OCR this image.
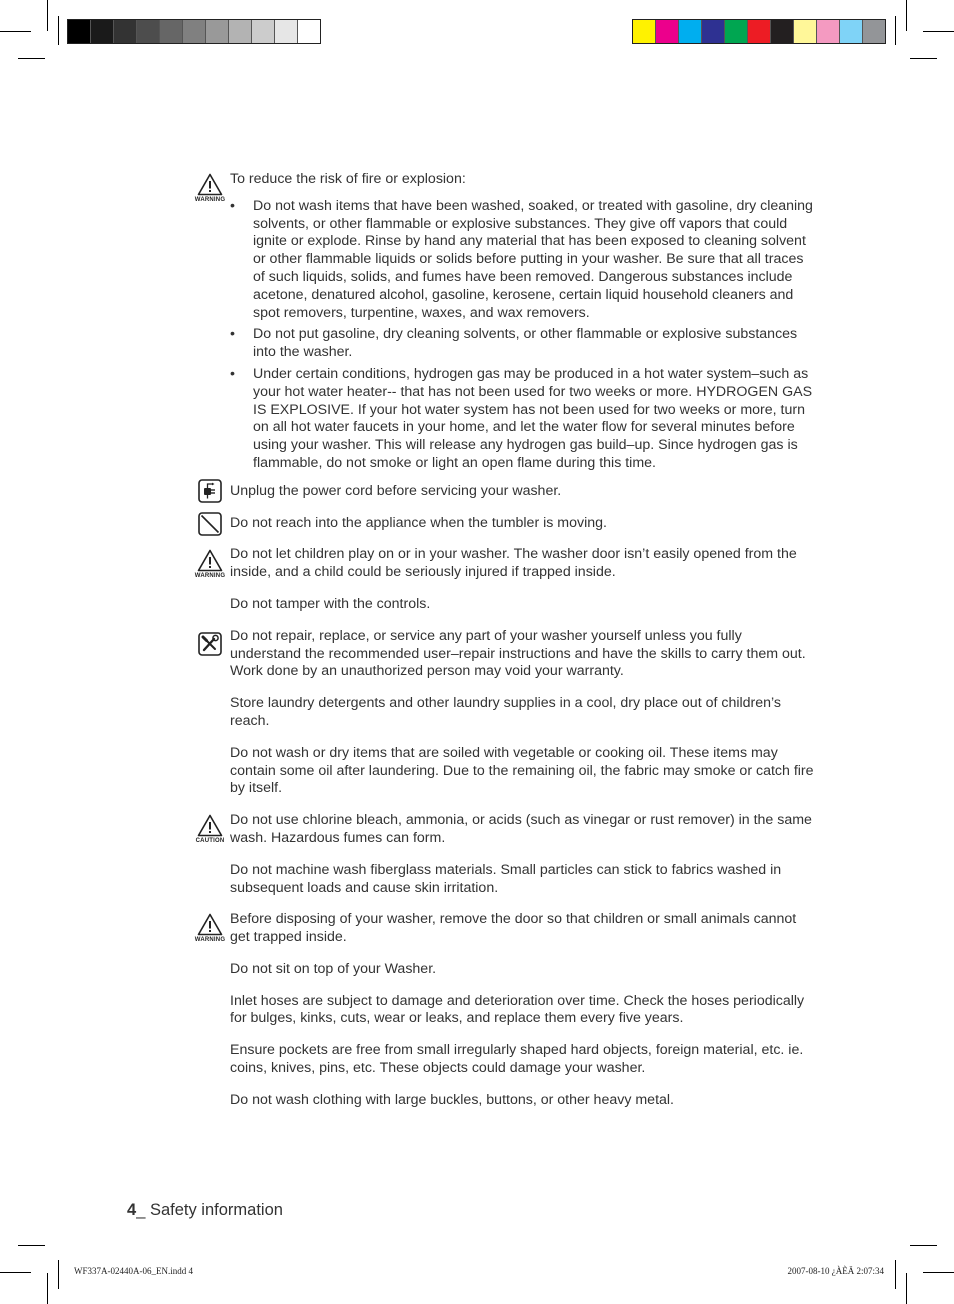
WARNING
WARNING
CAUTION
WARNING

To reduce the risk of fire or explosion:

• Do not wash items that have been washed, soaked, or treated with gasoline, dry cleaning solvents, or other flammable or explosive substances. They give off vapors that could ignite or explode. Rinse by hand any material that has been exposed to cleaning solvent or other flammable liquids or solids before putting in your washer. Be sure that all traces of such liquids, solids, and fumes have been removed. Dangerous substances include acetone, denatured alcohol, gasoline, kerosene, certain liquid household cleaners and spot removers, turpentine, waxes, and wax removers.
• Do not put gasoline, dry cleaning solvents, or other flammable or explosive substances into the washer.
• Under certain conditions, hydrogen gas may be produced in a hot water system–such as your hot water heater-- that has not been used for two weeks or more. HYDROGEN GAS IS EXPLOSIVE. If your hot water system has not been used for two weeks or more, turn on all hot water faucets in your home, and let the water flow for several minutes before using your washer. This will release any hydrogen gas build–up. Since hydrogen gas is flammable, do not smoke or light an open flame during this time.

Unplug the power cord before servicing your washer.

Do not reach into the appliance when the tumbler is moving.

Do not let children play on or in your washer. The washer door isn’t easily opened from the inside, and a child could be seriously injured if trapped inside.

Do not tamper with the controls.

Do not repair, replace, or service any part of your washer yourself unless you fully understand the recommended user–repair instructions and have the skills to carry them out. Work done by an unauthorized person may void your warranty.

Store laundry detergents and other laundry supplies in a cool, dry place out of children’s reach.

Do not wash or dry items that are soiled with vegetable or cooking oil. These items may contain some oil after laundering. Due to the remaining oil, the fabric may smoke or catch fire by itself.

Do not use chlorine bleach, ammonia, or acids (such as vinegar or rust remover) in the same wash. Hazardous fumes can form.

Do not machine wash fiberglass materials. Small particles can stick to fabrics washed in subsequent loads and cause skin irritation.

Before disposing of your washer, remove the door so that children or small animals cannot get trapped inside.

Do not sit on top of your Washer.

Inlet hoses are subject to damage and deterioration over time. Check the hoses periodically for bulges, kinks, cuts, wear or leaks, and replace them every five years.

Ensure pockets are free from small irregularly shaped hard objects, foreign material, etc. ie. coins, knives, pins, etc. These objects could damage your washer.

Do not wash clothing with large buckles, buttons, or other heavy metal.

4_ Safety information
WF337A-02440A-06_EN.indd 4	2007-08-10 ¿ÀÈÄ 2:07:34
